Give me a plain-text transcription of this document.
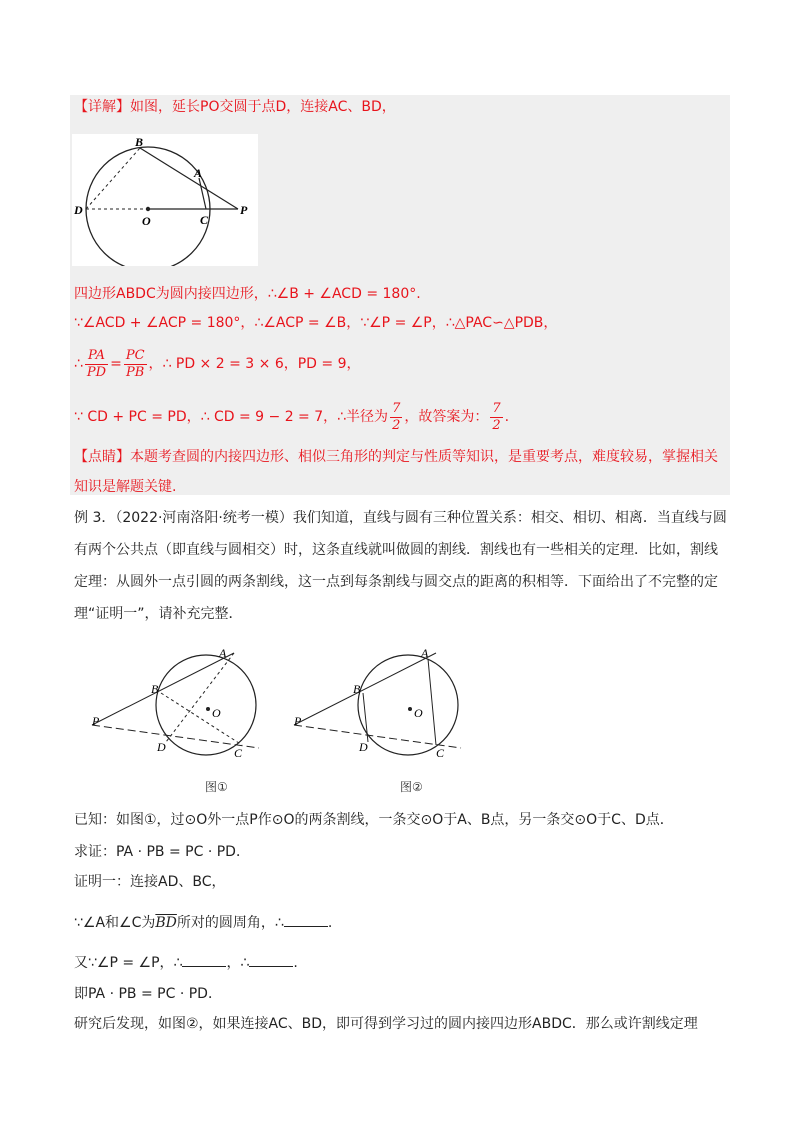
【详解】如图，延长PO交圆于点D，连接AC、BD，
B
A
D
O	C
P
四边形ABDC为圆内接四边形，∴∠B + ∠ACD = 180°.
∵∠ACD + ∠ACP = 180°，∴∠ACP = ∠B，∵∠P = ∠P，∴△PAC∽△PDB，
∴ $\frac{PA}{PD} = \frac{PC}{PB}$ ，∴ PD × 2 = 3 × 6，PD = 9，
∵ CD + PC = PD，∴ CD = 9 − 2 = 7，∴半径为 $\frac{7}{2}$ ，故答案为： $\frac{7}{2}$ .
【点睛】本题考查圆的内接四边形、相似三角形的判定与性质等知识，是重要考点，难度较易，掌握相关
知识是解题关键.
例 3．（2022·河南洛阳·统考一模）我们知道，直线与圆有三种位置关系：相交、相切、相离．当直线与圆
有两个公共点（即直线与圆相交）时，这条直线就叫做圆的割线．割线也有一些相关的定理．比如，割线
定理：从圆外一点引圆的两条割线，这一点到每条割线与圆交点的距离的积相等．下面给出了不完整的定
理“证明一”，请补充完整．
A
B
P
O
D	C
图①
A
B
P
O
D	C
图②
已知：如图①，过⊙O外一点P作⊙O的两条割线，一条交⊙O于A、B点，另一条交⊙O于C、D点．
求证：PA · PB = PC · PD．
证明一：连接AD、BC，
∵∠A和∠C为$\overline{BD}$所对的圆周角，∴	.
又∵∠P = ∠P，∴	，∴	.
即PA · PB = PC · PD．
研究后发现，如图②，如果连接AC、BD，即可得到学习过的圆内接四边形ABDC．那么或许割线定理
